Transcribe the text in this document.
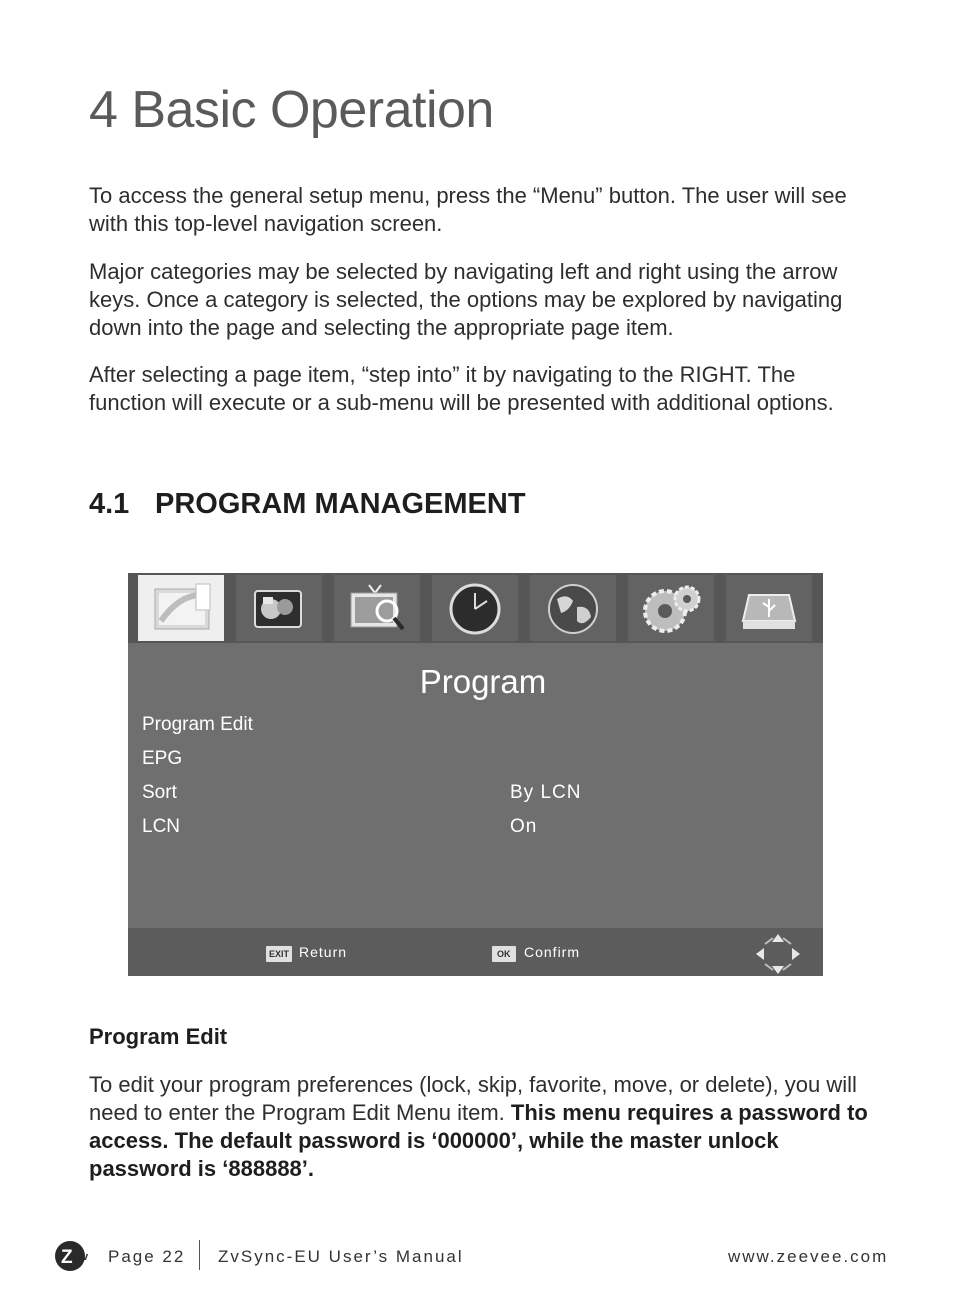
4 Basic Operation

To access the general setup menu, press the “Menu” button. The user will see with this top-level navigation screen.

Major categories may be selected by navigating left and right using the arrow keys. Once a category is selected, the options may be explored by navigating down into the page and selecting the appropriate page item.

After selecting a page item, “step into” it by navigating to the RIGHT. The function will execute or a sub-menu will be presented with additional options.

4.1 PROGRAM MANAGEMENT
Program
Program Edit
EPG
Sort	By LCN
LCN	On
EXIT Return	OK Confirm
Program Edit

To edit your program preferences (lock, skip, favorite, move, or delete), you will need to enter the Program Edit Menu item. This menu requires a password to access. The default password is ‘000000’, while the master unlock password is ‘888888’.

Z v Page 22 ZvSync-EU User’s Manual	www.zeevee.com
